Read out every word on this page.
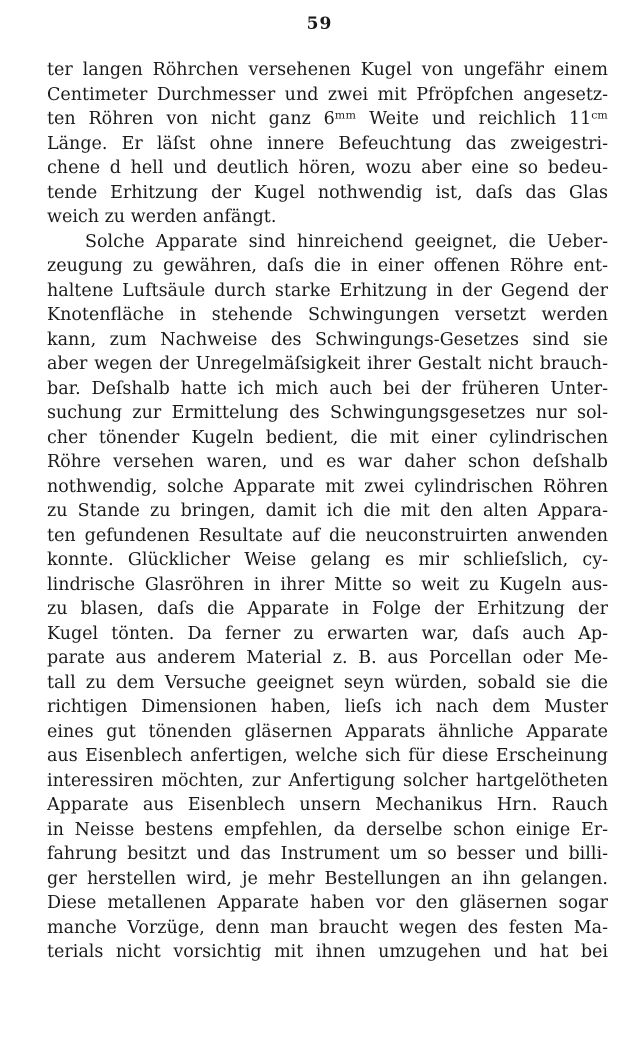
59
ter langen Röhrchen versehenen Kugel von ungefähr einem
Centimeter Durchmesser und zwei mit Pfröpfchen angesetz-
ten Röhren von nicht ganz 6ᵐᵐ Weite und reichlich 11ᶜᵐ
Länge. Er läſst ohne innere Befeuchtung das zweigestri-
chene d hell und deutlich hören, wozu aber eine so bedeu-
tende Erhitzung der Kugel nothwendig ist, daſs das Glas
weich zu werden anfängt.
Solche Apparate sind hinreichend geeignet, die Ueber-
zeugung zu gewähren, daſs die in einer offenen Röhre ent-
haltene Luftsäule durch starke Erhitzung in der Gegend der
Knotenfläche in stehende Schwingungen versetzt werden
kann, zum Nachweise des Schwingungs-Gesetzes sind sie
aber wegen der Unregelmäſsigkeit ihrer Gestalt nicht brauch-
bar. Deſshalb hatte ich mich auch bei der früheren Unter-
suchung zur Ermittelung des Schwingungsgesetzes nur sol-
cher tönender Kugeln bedient, die mit einer cylindrischen
Röhre versehen waren, und es war daher schon deſshalb
nothwendig, solche Apparate mit zwei cylindrischen Röhren
zu Stande zu bringen, damit ich die mit den alten Appara-
ten gefundenen Resultate auf die neuconstruirten anwenden
konnte. Glücklicher Weise gelang es mir schlieſslich, cy-
lindrische Glasröhren in ihrer Mitte so weit zu Kugeln aus-
zu blasen, daſs die Apparate in Folge der Erhitzung der
Kugel tönten. Da ferner zu erwarten war, daſs auch Ap-
parate aus anderem Material z. B. aus Porcellan oder Me-
tall zu dem Versuche geeignet seyn würden, sobald sie die
richtigen Dimensionen haben, lieſs ich nach dem Muster
eines gut tönenden gläsernen Apparats ähnliche Apparate
aus Eisenblech anfertigen, welche sich für diese Erscheinung
interessiren möchten, zur Anfertigung solcher hartgelötheten
Apparate aus Eisenblech unsern Mechanikus Hrn. Rauch
in Neisse bestens empfehlen, da derselbe schon einige Er-
fahrung besitzt und das Instrument um so besser und billi-
ger herstellen wird, je mehr Bestellungen an ihn gelangen.
Diese metallenen Apparate haben vor den gläsernen sogar
manche Vorzüge, denn man braucht wegen des festen Ma-
terials nicht vorsichtig mit ihnen umzugehen und hat bei
